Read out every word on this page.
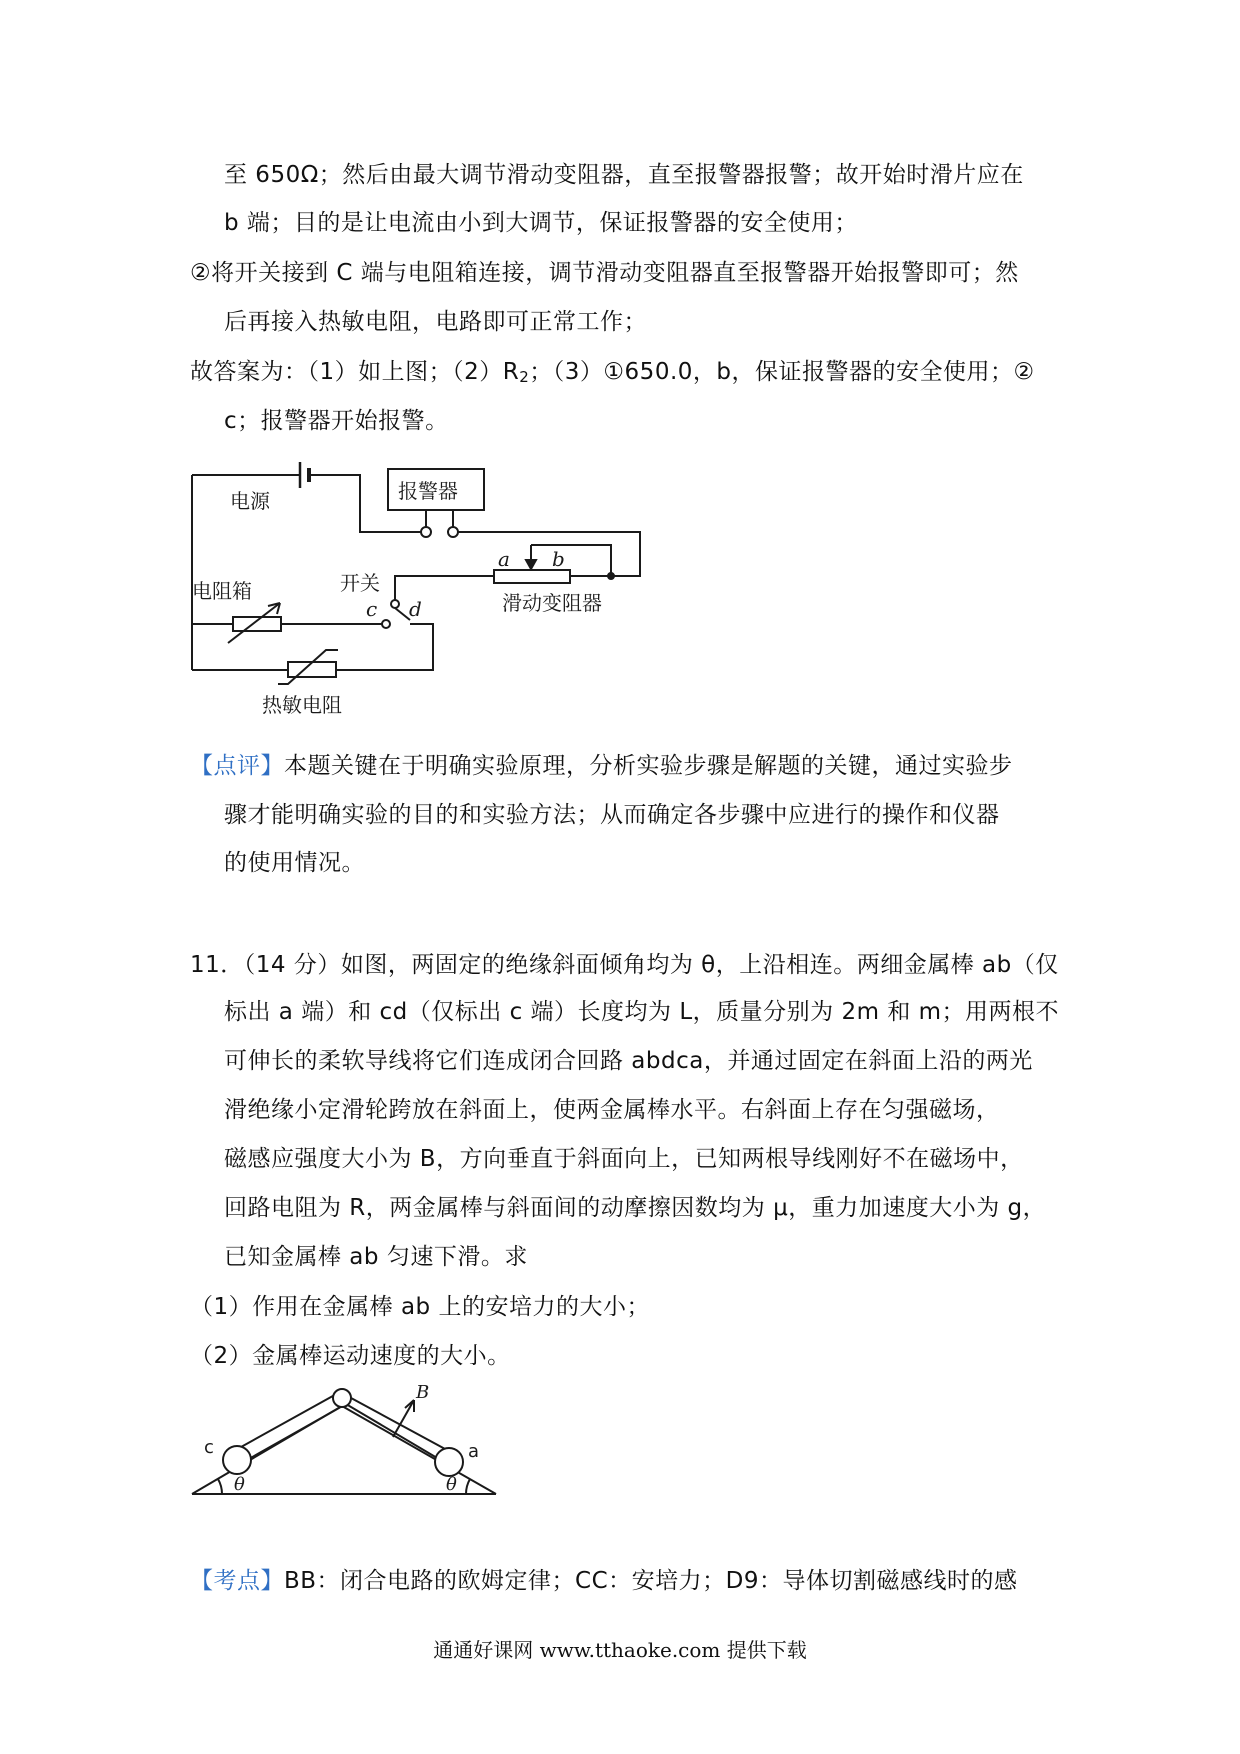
至 650Ω；然后由最大调节滑动变阻器，直至报警器报警；故开始时滑片应在
b 端；目的是让电流由小到大调节，保证报警器的安全使用；
②将开关接到 C 端与电阻箱连接，调节滑动变阻器直至报警器开始报警即可；然
后再接入热敏电阻，电路即可正常工作；
故答案为：（1）如上图；$(2)R_2$；（3）①650.0，b，保证报警器的安全使用；②
c；报警器开始报警。
电源	报警器
电阻箱	开关
滑动变阻器
热敏电阻
a b
c d
【点评】本题关键在于明确实验原理，分析实验步骤是解题的关键，通过实验步
骤才能明确实验的目的和实验方法；从而确定各步骤中应进行的操作和仪器
的使用情况。
11．（14 分）如图，两固定的绝缘斜面倾角均为 θ，上沿相连。两细金属棒 ab（仅
标出 a 端）和 cd（仅标出 c 端）长度均为 L，质量分别为 2m 和 m；用两根不
可伸长的柔软导线将它们连成闭合回路 abdca，并通过固定在斜面上沿的两光
滑绝缘小定滑轮跨放在斜面上，使两金属棒水平。右斜面上存在匀强磁场，
磁感应强度大小为 B，方向垂直于斜面向上，已知两根导线刚好不在磁场中，
回路电阻为 R，两金属棒与斜面间的动摩擦因数均为 μ，重力加速度大小为 g，
已知金属棒 ab 匀速下滑。求
（1）作用在金属棒 ab 上的安培力的大小；
（2）金属棒运动速度的大小。
c	a
B
θ	θ
【考点】BB：闭合电路的欧姆定律；CC：安培力；D9：导体切割磁感线时的感
通通好课网 www.tthaoke.com 提供下载
